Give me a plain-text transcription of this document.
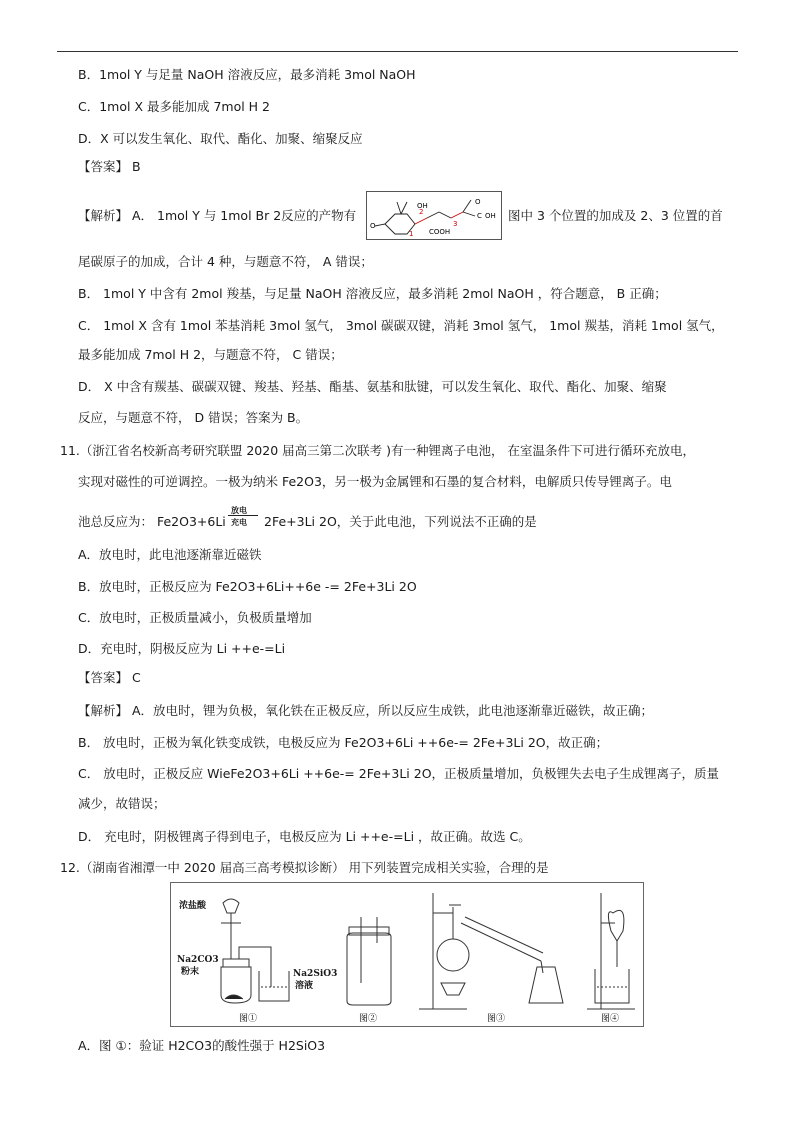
B．1mol Y 与足量 NaOH 溶液反应，最多消耗 3mol NaOH
C．1mol X 最多能加成 7mol H 2
D．X 可以发生氧化、取代、酯化、加聚、缩聚反应
【答案】 B
【解析】 A． 1mol Y 与 1mol Br 2反应的产物有
O
2
OH
1
3
COOH
C OH
O
图中 3 个位置的加成及 2、3 位置的首
尾碳原子的加成，合计 4 种，与题意不符， A 错误；
B． 1mol Y 中含有 2mol 羧基，与足量 NaOH 溶液反应，最多消耗 2mol NaOH ，符合题意， B 正确；
C． 1mol X 含有 1mol 苯基消耗 3mol 氢气， 3mol 碳碳双键，消耗 3mol 氢气， 1mol 羰基，消耗 1mol 氢气，
最多能加成 7mol H 2，与题意不符， C 错误；
D． X 中含有羰基、碳碳双键、羧基、羟基、酯基、氨基和肽键，可以发生氧化、取代、酯化、加聚、缩聚
反应，与题意不符， D 错误；答案为 B。
11.（浙江省名校新高考研究联盟 2020 届高三第二次联考 )有一种锂离子电池， 在室温条件下可进行循环充放电，
实现对磁性的可逆调控。一极为纳米 Fe2O3，另一极为金属锂和石墨的复合材料，电解质只传导锂离子。电
池总反应为： Fe2O3+6Li
放电
充电 2Fe+3Li 2O，关于此电池，下列说法不正确的是
A．放电时，此电池逐渐靠近磁铁
B．放电时，正极反应为 Fe2O3+6Li++6e -= 2Fe+3Li 2O
C．放电时，正极质量减小，负极质量增加
D．充电时，阴极反应为 Li ++e-=Li
【答案】 C
【解析】 A．放电时，锂为负极，氧化铁在正极反应，所以反应生成铁，此电池逐渐靠近磁铁，故正确；
B． 放电时，正极为氧化铁变成铁，电极反应为 Fe2O3+6Li ++6e-= 2Fe+3Li 2O，故正确；
C． 放电时，正极反应 WieFe2O3+6Li ++6e-= 2Fe+3Li 2O，正极质量增加，负极锂失去电子生成锂离子，质量
减少，故错误；
D． 充电时，阴极锂离子得到电子，电极反应为 Li ++e-=Li ，故正确。故选 C。
12.（湖南省湘潭一中 2020 届高三高考模拟诊断） 用下列装置完成相关实验，合理的是
图①	图②	图③	图④
浓盐酸
Na2CO3
粉末	Na2SiO3
溶液
A．图 ①：验证 H2CO3的酸性强于 H2SiO3
